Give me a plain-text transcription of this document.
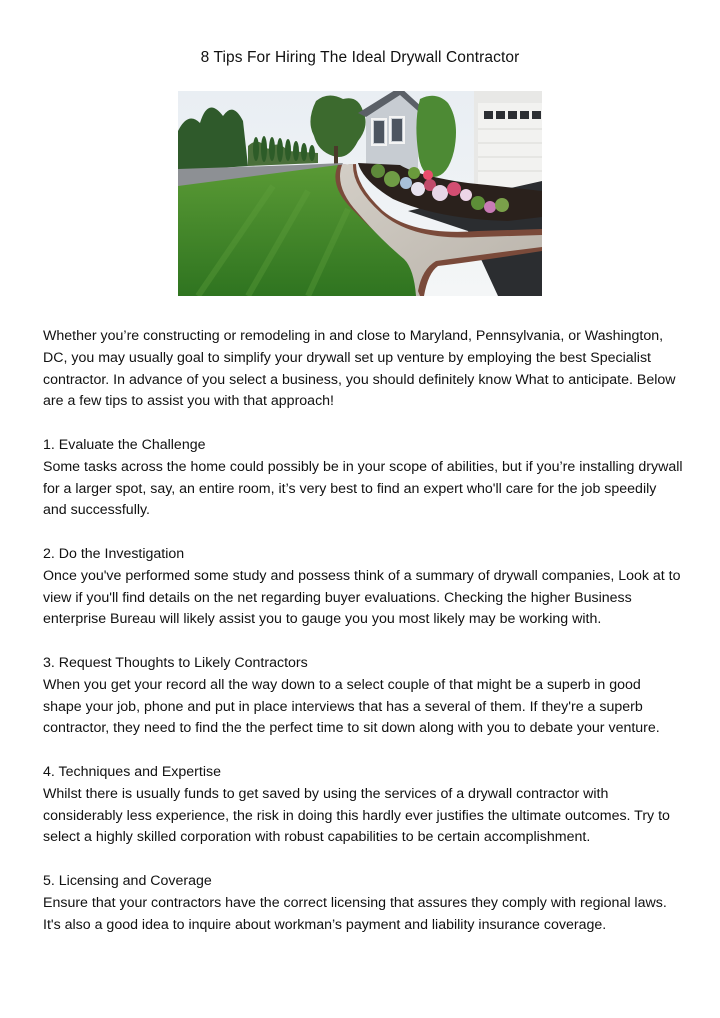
8 Tips For Hiring The Ideal Drywall Contractor

Whether you’re constructing or remodeling in and close to Maryland, Pennsylvania, or Washington, DC, you may usually goal to simplify your drywall set up venture by employing the best Specialist contractor. In advance of you select a business, you should definitely know What to anticipate. Below are a few tips to assist you with that approach!

1. Evaluate the Challenge
Some tasks across the home could possibly be in your scope of abilities, but if you’re installing drywall for a larger spot, say, an entire room, it’s very best to find an expert who'll care for the job speedily and successfully.

2. Do the Investigation
Once you've performed some study and possess think of a summary of drywall companies, Look at to view if you'll find details on the net regarding buyer evaluations. Checking the higher Business enterprise Bureau will likely assist you to gauge you you most likely may be working with.

3. Request Thoughts to Likely Contractors
When you get your record all the way down to a select couple of that might be a superb in good shape your job, phone and put in place interviews that has a several of them. If they're a superb contractor, they need to find the the perfect time to sit down along with you to debate your venture.

4. Techniques and Expertise
Whilst there is usually funds to get saved by using the services of a drywall contractor with considerably less experience, the risk in doing this hardly ever justifies the ultimate outcomes. Try to select a highly skilled corporation with robust capabilities to be certain accomplishment.

5. Licensing and Coverage
Ensure that your contractors have the correct licensing that assures they comply with regional laws. It's also a good idea to inquire about workman’s payment and liability insurance coverage.
